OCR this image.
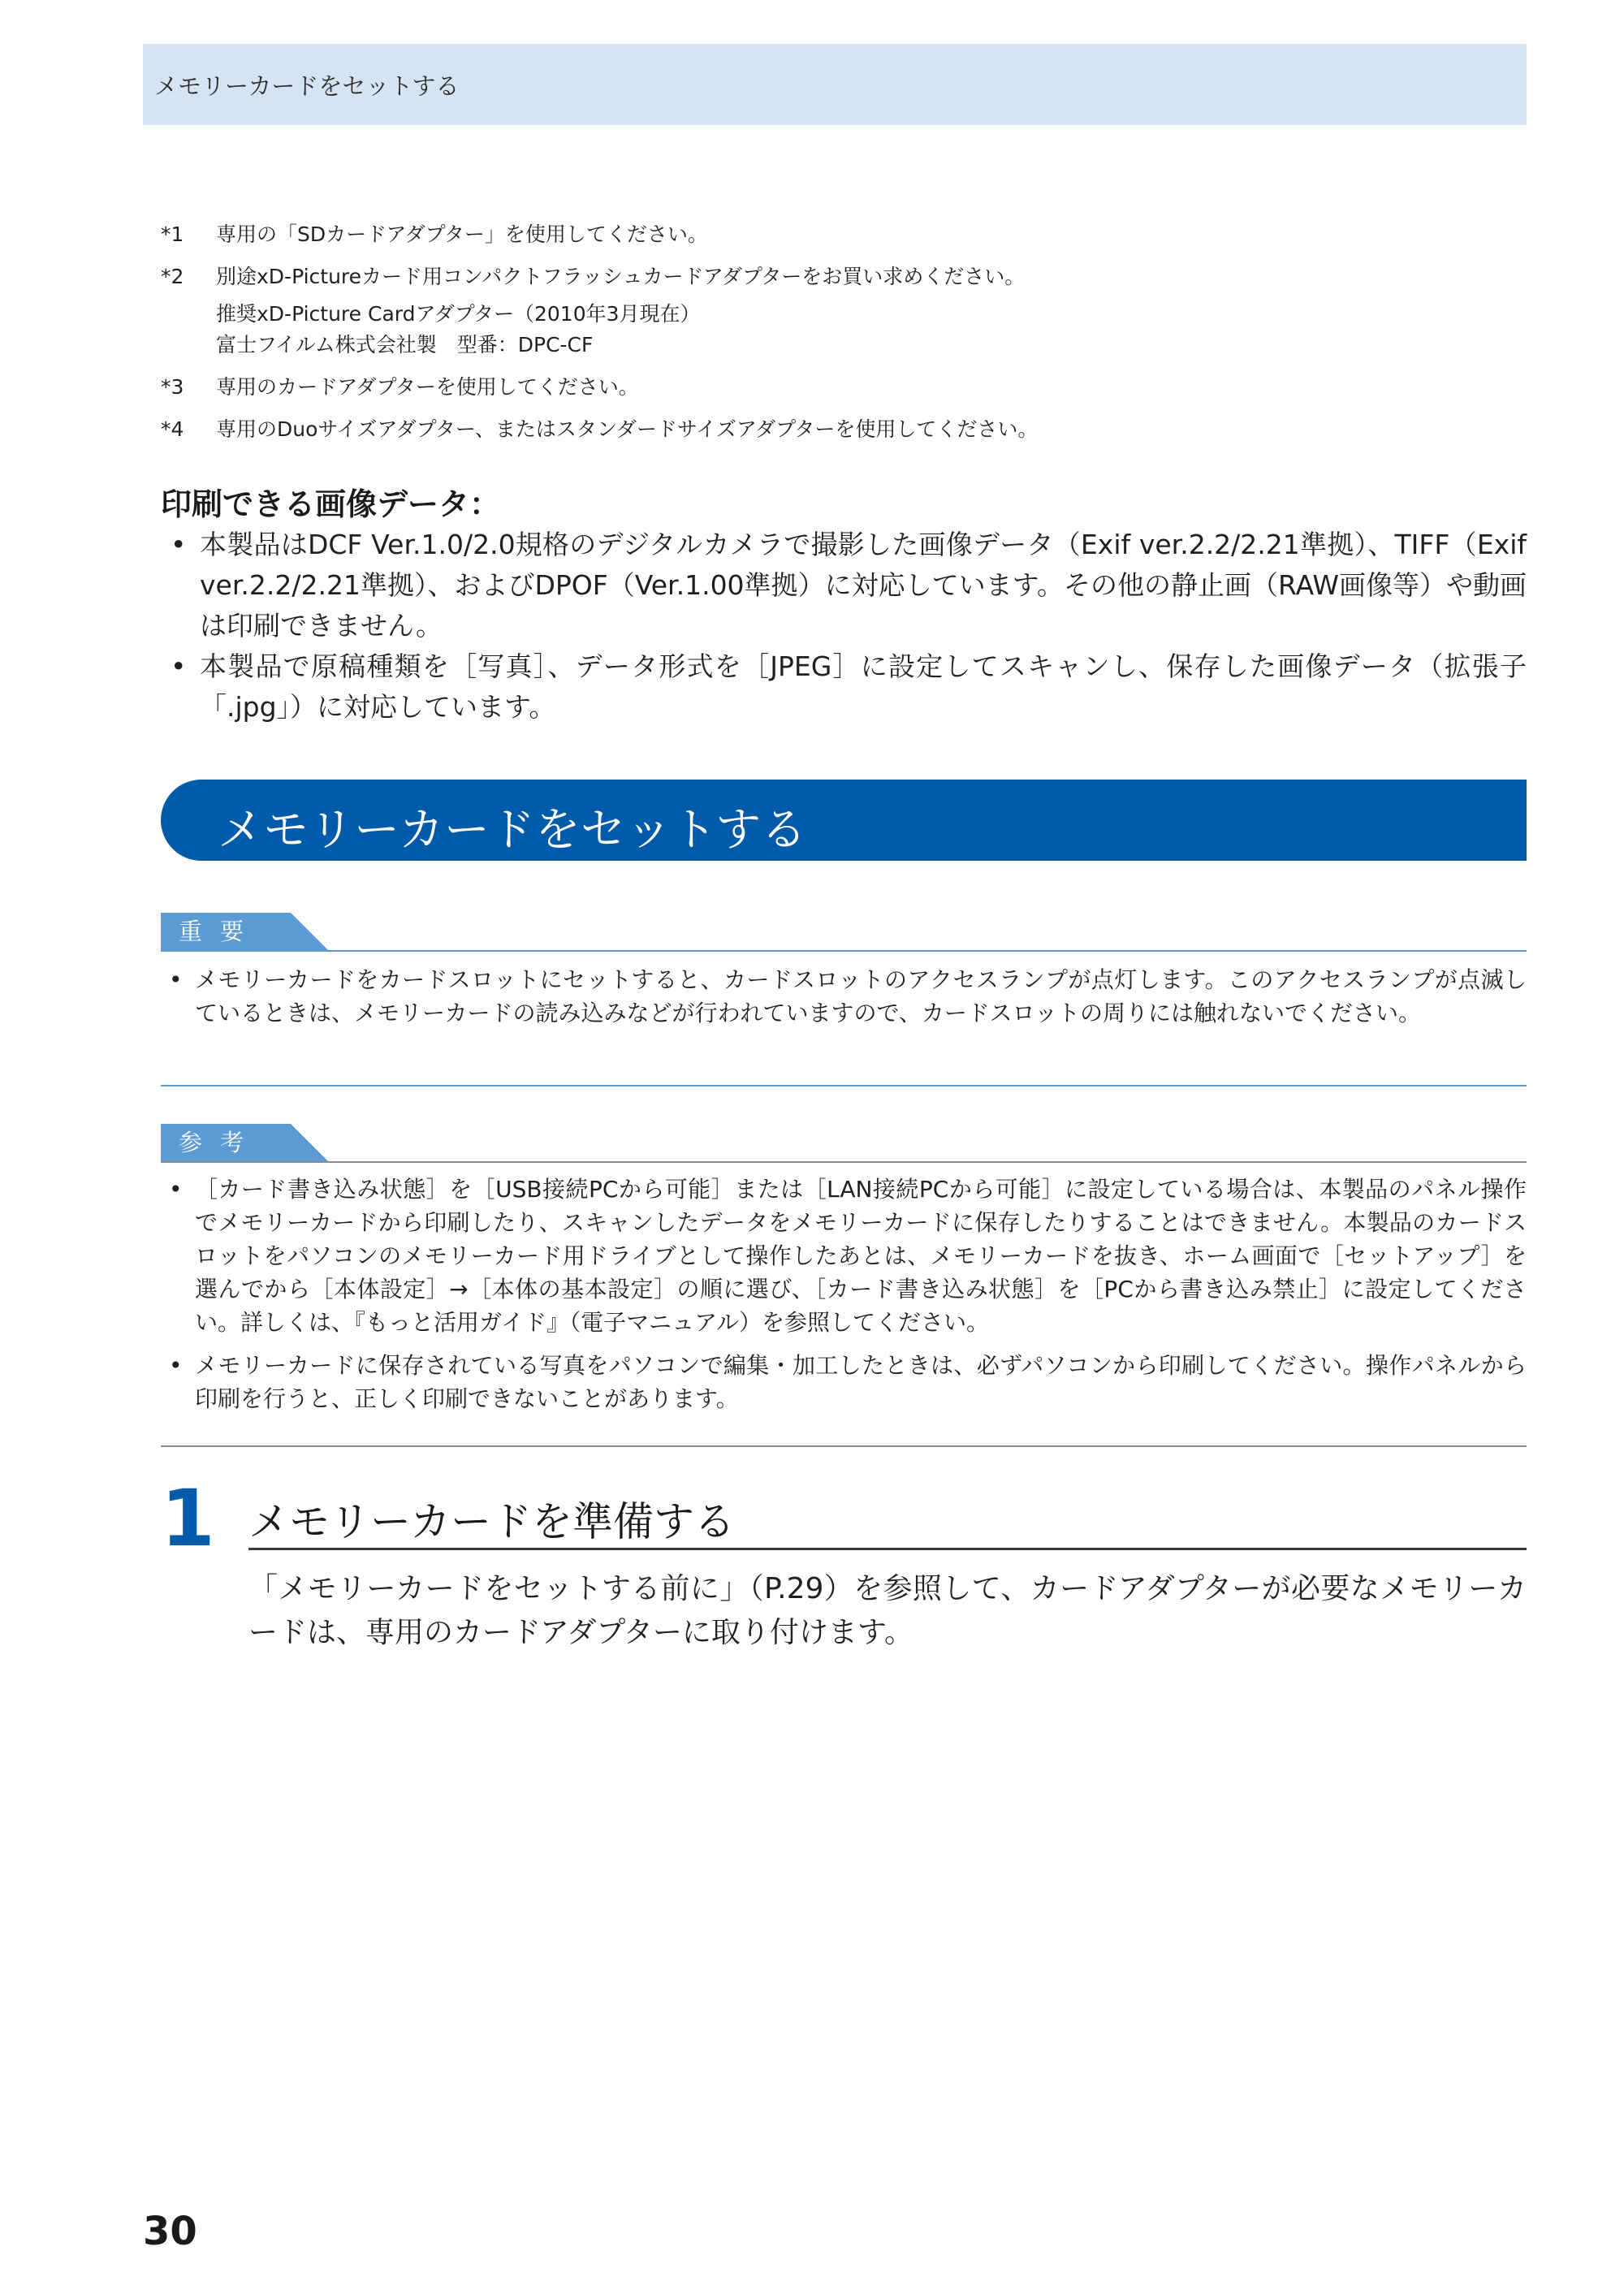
メモリーカードをセットする
*1 専用の「SDカードアダプター」を使用してください。
*2 別途xD-Pictureカード用コンパクトフラッシュカードアダプターをお買い求めください。
推奨xD-Picture Cardアダプター（2010年3月現在）
富士フイルム株式会社製　型番：DPC-CF
*3 専用のカードアダプターを使用してください。
*4 専用のDuoサイズアダプター、またはスタンダードサイズアダプターを使用してください。
印刷できる画像データ：
• 本製品はDCF Ver.1.0/2.0規格のデジタルカメラで撮影した画像データ（Exif ver.2.2/2.21準拠）、TIFF（Exif ver.2.2/2.21準拠）、およびDPOF（Ver.1.00準拠）に対応しています。その他の静止画（RAW画像等）や動画は印刷できません。
• 本製品で原稿種類を［写真］、データ形式を［JPEG］に設定してスキャンし、保存した画像データ（拡張子「.jpg」）に対応しています。
メモリーカードをセットする
重要
• メモリーカードをカードスロットにセットすると、カードスロットのアクセスランプが点灯します。このアクセスランプが点滅しているときは、メモリーカードの読み込みなどが行われていますので、カードスロットの周りには触れないでください。
参考
• ［カード書き込み状態］を［USB接続PCから可能］または［LAN接続PCから可能］に設定している場合は、本製品のパネル操作でメモリーカードから印刷したり、スキャンしたデータをメモリーカードに保存したりすることはできません。本製品のカードスロットをパソコンのメモリーカード用ドライブとして操作したあとは、メモリーカードを抜き、ホーム画面で［セットアップ］を選んでから［本体設定］→［本体の基本設定］の順に選び、［カード書き込み状態］を［PCから書き込み禁止］に設定してください。詳しくは、『もっと活用ガイド』（電子マニュアル）を参照してください。
• メモリーカードに保存されている写真をパソコンで編集・加工したときは、必ずパソコンから印刷してください。操作パネルから印刷を行うと、正しく印刷できないことがあります。
1 メモリーカードを準備する
「メモリーカードをセットする前に」（P.29）を参照して、カードアダプターが必要なメモリーカードは、専用のカードアダプターに取り付けます。
30
